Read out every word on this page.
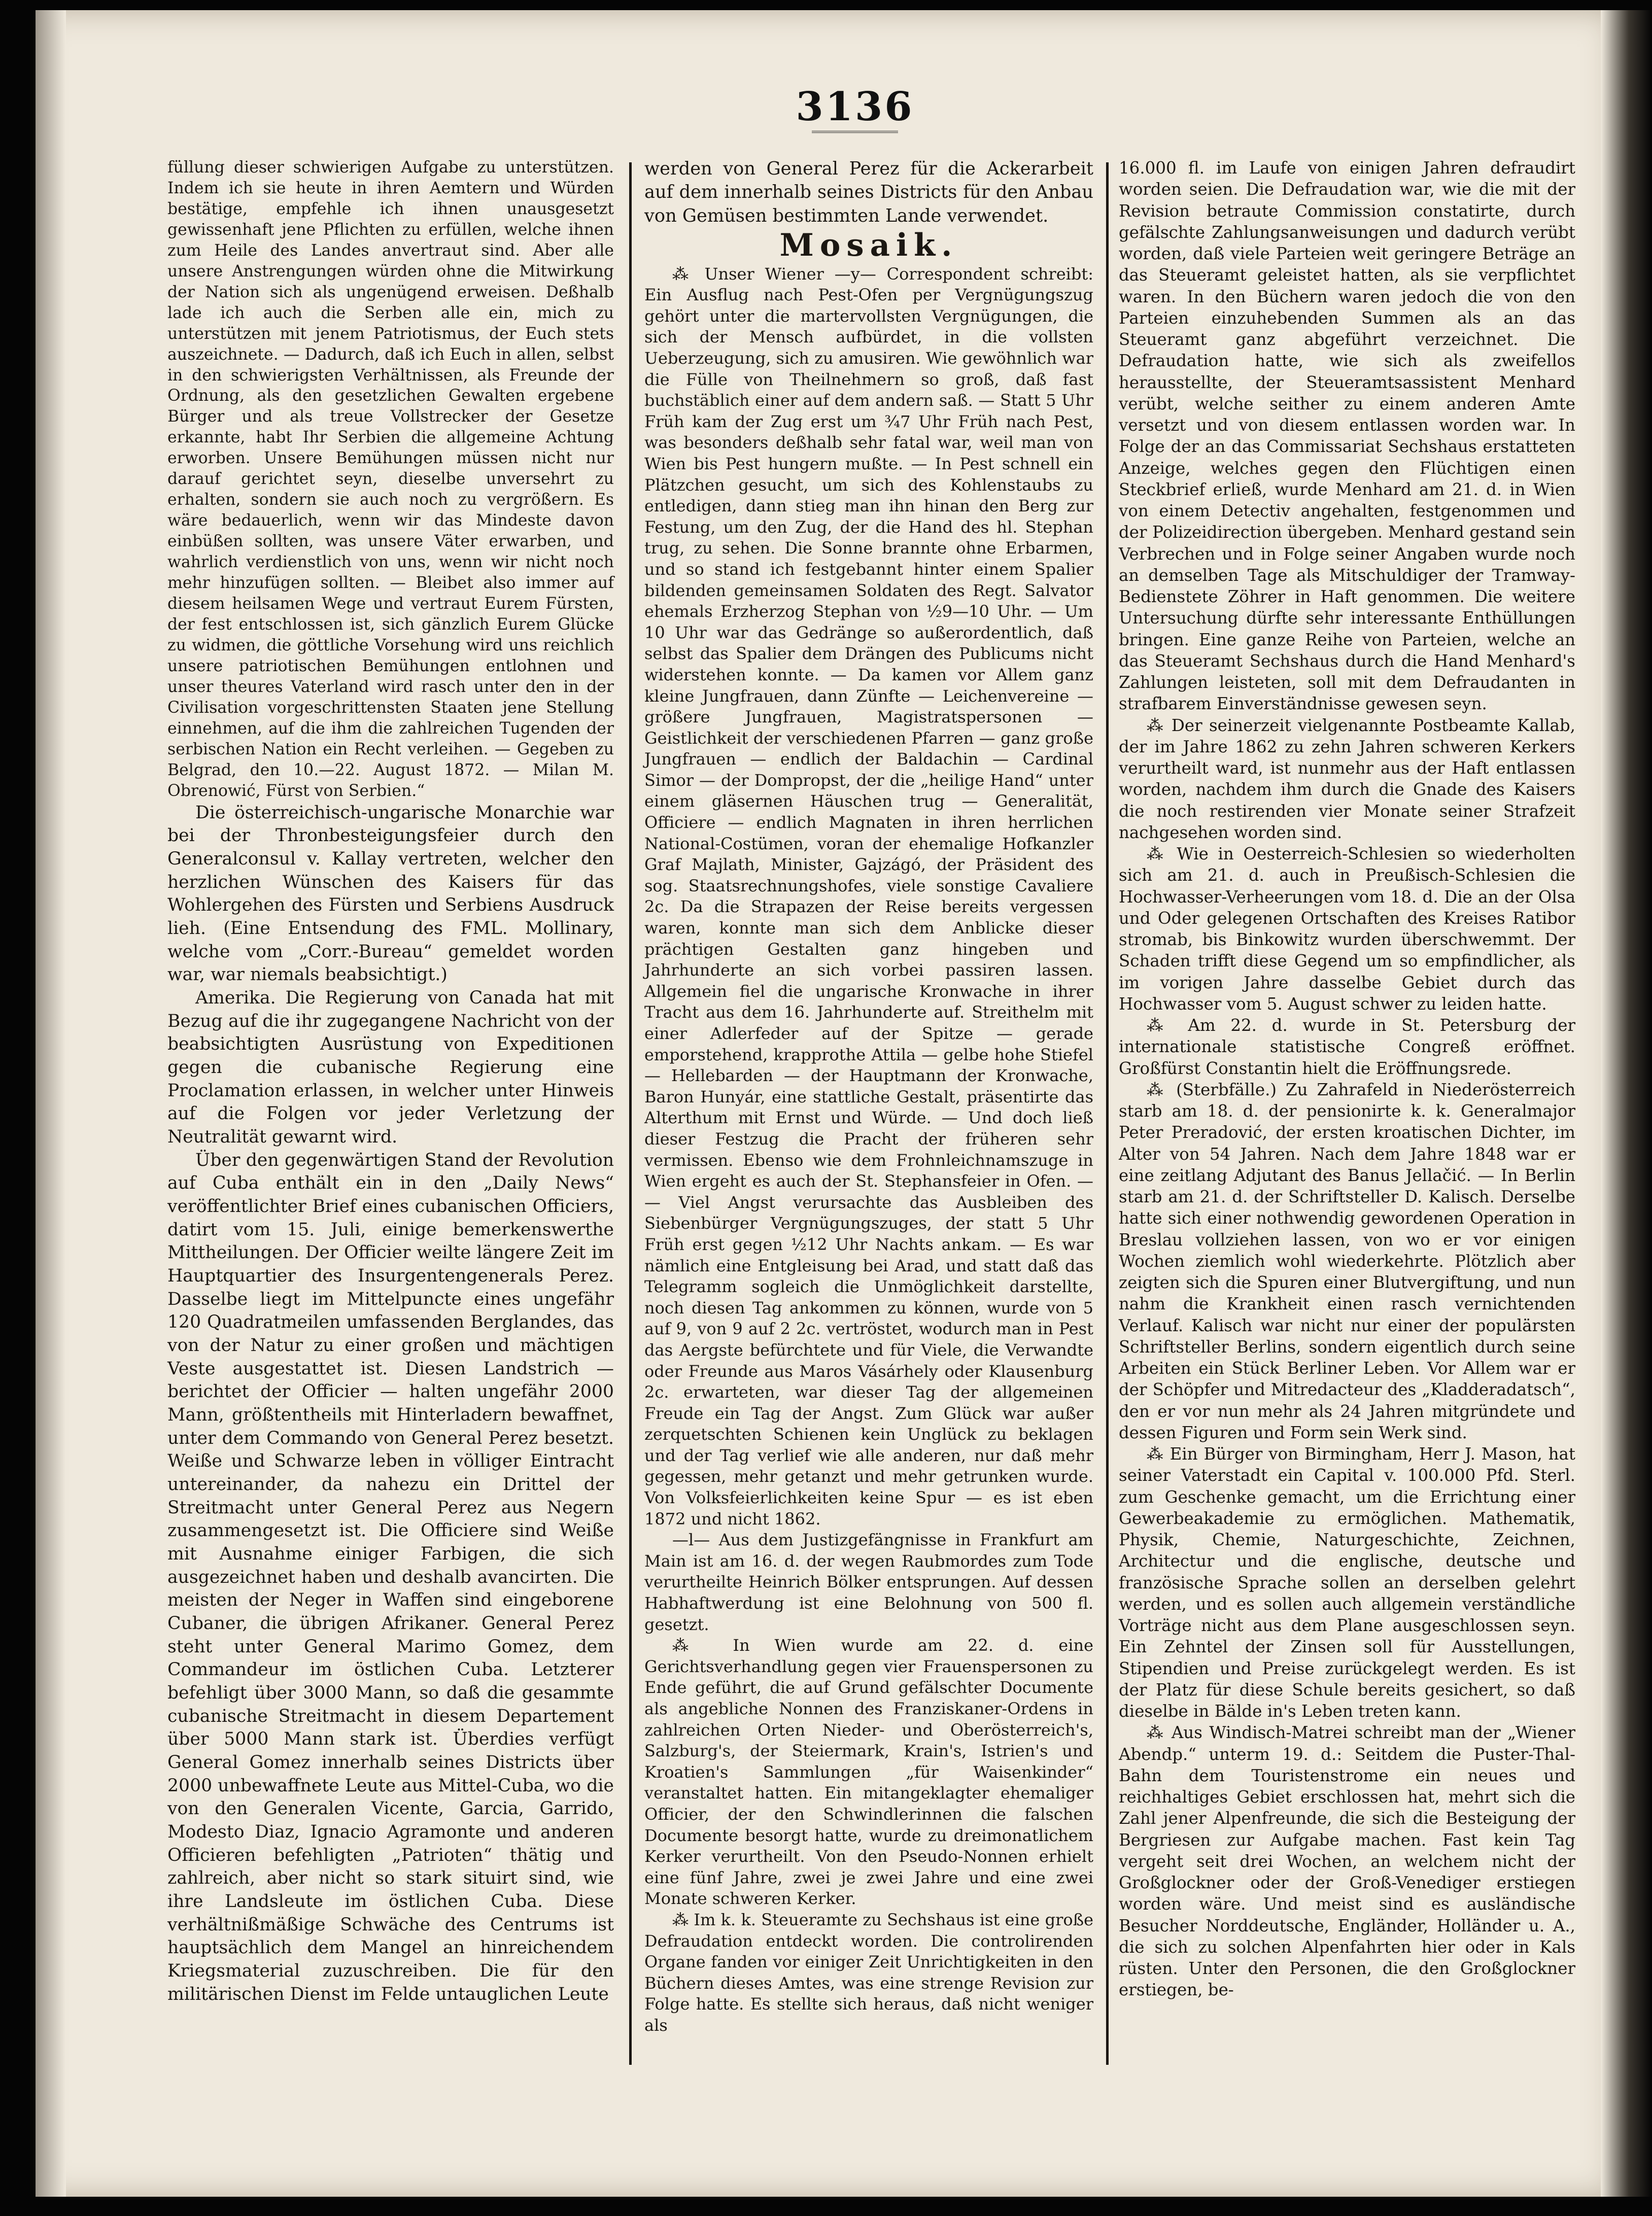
3136

füllung dieser schwierigen Aufgabe zu unterstützen. Indem ich sie heute in ihren Aemtern und Würden bestätige, empfehle ich ihnen unausgesetzt gewissenhaft jene Pflichten zu erfüllen, welche ihnen zum Heile des Landes anvertraut sind. Aber alle unsere Anstrengungen würden ohne die Mitwirkung der Nation sich als ungenügend erweisen. Deßhalb lade ich auch die Serben alle ein, mich zu unterstützen mit jenem Patriotismus, der Euch stets auszeichnete. — Dadurch, daß ich Euch in allen, selbst in den schwierigsten Verhältnissen, als Freunde der Ordnung, als den gesetzlichen Gewalten ergebene Bürger und als treue Vollstrecker der Gesetze erkannte, habt Ihr Serbien die allgemeine Achtung erworben. Unsere Bemühungen müssen nicht nur darauf gerichtet seyn, dieselbe unversehrt zu erhalten, sondern sie auch noch zu vergrößern. Es wäre bedauerlich, wenn wir das Mindeste davon einbüßen sollten, was unsere Väter erwarben, und wahrlich verdienstlich von uns, wenn wir nicht noch mehr hinzufügen sollten. — Bleibet also immer auf diesem heilsamen Wege und vertraut Eurem Fürsten, der fest entschlossen ist, sich gänzlich Eurem Glücke zu widmen, die göttliche Vorsehung wird uns reichlich unsere patriotischen Bemühungen entlohnen und unser theures Vaterland wird rasch unter den in der Civilisation vorgeschrittensten Staaten jene Stellung einnehmen, auf die ihm die zahlreichen Tugenden der serbischen Nation ein Recht verleihen. — Gegeben zu Belgrad, den 10.—22. August 1872. — Milan M. Obrenowić, Fürst von Serbien.“

Die österreichisch-ungarische Monarchie war bei der Thronbesteigungsfeier durch den Generalconsul v. Kallay vertreten, welcher den herzlichen Wünschen des Kaisers für das Wohlergehen des Fürsten und Serbiens Ausdruck lieh. (Eine Entsendung des FML. Mollinary, welche vom „Corr.-Bureau“ gemeldet worden war, war niemals beabsichtigt.)

Amerika. Die Regierung von Canada hat mit Bezug auf die ihr zugegangene Nachricht von der beabsichtigten Ausrüstung von Expeditionen gegen die cubanische Regierung eine Proclamation erlassen, in welcher unter Hinweis auf die Folgen vor jeder Verletzung der Neutralität gewarnt wird.

Über den gegenwärtigen Stand der Revolution auf Cuba enthält ein in den „Daily News“ veröffentlichter Brief eines cubanischen Officiers, datirt vom 15. Juli, einige bemerkenswerthe Mittheilungen. Der Officier weilte längere Zeit im Hauptquartier des Insurgentengenerals Perez. Dasselbe liegt im Mittelpuncte eines ungefähr 120 Quadratmeilen umfassenden Berglandes, das von der Natur zu einer großen und mächtigen Veste ausgestattet ist. Diesen Landstrich — berichtet der Officier — halten ungefähr 2000 Mann, größtentheils mit Hinterladern bewaffnet, unter dem Commando von General Perez besetzt. Weiße und Schwarze leben in völliger Eintracht untereinander, da nahezu ein Drittel der Streitmacht unter General Perez aus Negern zusammengesetzt ist. Die Officiere sind Weiße mit Ausnahme einiger Farbigen, die sich ausgezeichnet haben und deshalb avancirten. Die meisten der Neger in Waffen sind eingeborene Cubaner, die übrigen Afrikaner. General Perez steht unter General Marimo Gomez, dem Commandeur im östlichen Cuba. Letzterer befehligt über 3000 Mann, so daß die gesammte cubanische Streitmacht in diesem Departement über 5000 Mann stark ist. Überdies verfügt General Gomez innerhalb seines Districts über 2000 unbewaffnete Leute aus Mittel-Cuba, wo die von den Generalen Vicente, Garcia, Garrido, Modesto Diaz, Ignacio Agramonte und anderen Officieren befehligten „Patrioten“ thätig und zahlreich, aber nicht so stark situirt sind, wie ihre Landsleute im östlichen Cuba. Diese verhältnißmäßige Schwäche des Centrums ist hauptsächlich dem Mangel an hinreichendem Kriegsmaterial zuzuschreiben. Die für den militärischen Dienst im Felde untauglichen Leute

werden von General Perez für die Ackerarbeit auf dem innerhalb seines Districts für den Anbau von Gemüsen bestimmten Lande verwendet.

Mosaik.

⁂ Unser Wiener —y— Correspondent schreibt: Ein Ausflug nach Pest-Ofen per Vergnügungszug gehört unter die martervollsten Vergnügungen, die sich der Mensch aufbürdet, in die vollsten Ueberzeugung, sich zu amusiren. Wie gewöhnlich war die Fülle von Theilnehmern so groß, daß fast buchstäblich einer auf dem andern saß. — Statt 5 Uhr Früh kam der Zug erst um ¾7 Uhr Früh nach Pest, was besonders deßhalb sehr fatal war, weil man von Wien bis Pest hungern mußte. — In Pest schnell ein Plätzchen gesucht, um sich des Kohlenstaubs zu entledigen, dann stieg man ihn hinan den Berg zur Festung, um den Zug, der die Hand des hl. Stephan trug, zu sehen. Die Sonne brannte ohne Erbarmen, und so stand ich festgebannt hinter einem Spalier bildenden gemeinsamen Soldaten des Regt. Salvator ehemals Erzherzog Stephan von ½9—10 Uhr. — Um 10 Uhr war das Gedränge so außerordentlich, daß selbst das Spalier dem Drängen des Publicums nicht widerstehen konnte. — Da kamen vor Allem ganz kleine Jungfrauen, dann Zünfte — Leichenvereine — größere Jungfrauen, Magistratspersonen — Geistlichkeit der verschiedenen Pfarren — ganz große Jungfrauen — endlich der Baldachin — Cardinal Simor — der Dompropst, der die „heilige Hand“ unter einem gläsernen Häuschen trug — Generalität, Officiere — endlich Magnaten in ihren herrlichen National-Costümen, voran der ehemalige Hofkanzler Graf Majlath, Minister, Gajzágó, der Präsident des sog. Staatsrechnungshofes, viele sonstige Cavaliere 2c. Da die Strapazen der Reise bereits vergessen waren, konnte man sich dem Anblicke dieser prächtigen Gestalten ganz hingeben und Jahrhunderte an sich vorbei passiren lassen. Allgemein fiel die ungarische Kronwache in ihrer Tracht aus dem 16. Jahrhunderte auf. Streithelm mit einer Adlerfeder auf der Spitze — gerade emporstehend, krapprothe Attila — gelbe hohe Stiefel — Hellebarden — der Hauptmann der Kronwache, Baron Hunyár, eine stattliche Gestalt, präsentirte das Alterthum mit Ernst und Würde. — Und doch ließ dieser Festzug die Pracht der früheren sehr vermissen. Ebenso wie dem Frohnleichnamszuge in Wien ergeht es auch der St. Stephansfeier in Ofen. — — Viel Angst verursachte das Ausbleiben des Siebenbürger Vergnügungszuges, der statt 5 Uhr Früh erst gegen ½12 Uhr Nachts ankam. — Es war nämlich eine Entgleisung bei Arad, und statt daß das Telegramm sogleich die Unmöglichkeit darstellte, noch diesen Tag ankommen zu können, wurde von 5 auf 9, von 9 auf 2 2c. vertröstet, wodurch man in Pest das Aergste befürchtete und für Viele, die Verwandte oder Freunde aus Maros Vásárhely oder Klausenburg 2c. erwarteten, war dieser Tag der allgemeinen Freude ein Tag der Angst. Zum Glück war außer zerquetschten Schienen kein Unglück zu beklagen und der Tag verlief wie alle anderen, nur daß mehr gegessen, mehr getanzt und mehr getrunken wurde. Von Volksfeierlichkeiten keine Spur — es ist eben 1872 und nicht 1862.

—l— Aus dem Justizgefängnisse in Frankfurt am Main ist am 16. d. der wegen Raubmordes zum Tode verurtheilte Heinrich Bölker entsprungen. Auf dessen Habhaftwerdung ist eine Belohnung von 500 fl. gesetzt.

⁂ In Wien wurde am 22. d. eine Gerichtsverhandlung gegen vier Frauenspersonen zu Ende geführt, die auf Grund gefälschter Documente als angebliche Nonnen des Franziskaner-Ordens in zahlreichen Orten Nieder- und Oberösterreich's, Salzburg's, der Steiermark, Krain's, Istrien's und Kroatien's Sammlungen „für Waisenkinder“ veranstaltet hatten. Ein mitangeklagter ehemaliger Officier, der den Schwindlerinnen die falschen Documente besorgt hatte, wurde zu dreimonatlichem Kerker verurtheilt. Von den Pseudo-Nonnen erhielt eine fünf Jahre, zwei je zwei Jahre und eine zwei Monate schweren Kerker.

⁂ Im k. k. Steueramte zu Sechshaus ist eine große Defraudation entdeckt worden. Die controlirenden Organe fanden vor einiger Zeit Unrichtigkeiten in den Büchern dieses Amtes, was eine strenge Revision zur Folge hatte. Es stellte sich heraus, daß nicht weniger als

16.000 fl. im Laufe von einigen Jahren defraudirt worden seien. Die Defraudation war, wie die mit der Revision betraute Commission constatirte, durch gefälschte Zahlungsanweisungen und dadurch verübt worden, daß viele Parteien weit geringere Beträge an das Steueramt geleistet hatten, als sie verpflichtet waren. In den Büchern waren jedoch die von den Parteien einzuhebenden Summen als an das Steueramt ganz abgeführt verzeichnet. Die Defraudation hatte, wie sich als zweifellos herausstellte, der Steueramtsassistent Menhard verübt, welche seither zu einem anderen Amte versetzt und von diesem entlassen worden war. In Folge der an das Commissariat Sechshaus erstatteten Anzeige, welches gegen den Flüchtigen einen Steckbrief erließ, wurde Menhard am 21. d. in Wien von einem Detectiv angehalten, festgenommen und der Polizeidirection übergeben. Menhard gestand sein Verbrechen und in Folge seiner Angaben wurde noch an demselben Tage als Mitschuldiger der Tramway-Bedienstete Zöhrer in Haft genommen. Die weitere Untersuchung dürfte sehr interessante Enthüllungen bringen. Eine ganze Reihe von Parteien, welche an das Steueramt Sechshaus durch die Hand Menhard's Zahlungen leisteten, soll mit dem Defraudanten in strafbarem Einverständnisse gewesen seyn.

⁂ Der seinerzeit vielgenannte Postbeamte Kallab, der im Jahre 1862 zu zehn Jahren schweren Kerkers verurtheilt ward, ist nunmehr aus der Haft entlassen worden, nachdem ihm durch die Gnade des Kaisers die noch restirenden vier Monate seiner Strafzeit nachgesehen worden sind.

⁂ Wie in Oesterreich-Schlesien so wiederholten sich am 21. d. auch in Preußisch-Schlesien die Hochwasser-Verheerungen vom 18. d. Die an der Olsa und Oder gelegenen Ortschaften des Kreises Ratibor stromab, bis Binkowitz wurden überschwemmt. Der Schaden trifft diese Gegend um so empfindlicher, als im vorigen Jahre dasselbe Gebiet durch das Hochwasser vom 5. August schwer zu leiden hatte.

⁂ Am 22. d. wurde in St. Petersburg der internationale statistische Congreß eröffnet. Großfürst Constantin hielt die Eröffnungsrede.

⁂ (Sterbfälle.) Zu Zahrafeld in Niederösterreich starb am 18. d. der pensionirte k. k. Generalmajor Peter Preradović, der ersten kroatischen Dichter, im Alter von 54 Jahren. Nach dem Jahre 1848 war er eine zeitlang Adjutant des Banus Jellačić. — In Berlin starb am 21. d. der Schriftsteller D. Kalisch. Derselbe hatte sich einer nothwendig gewordenen Operation in Breslau vollziehen lassen, von wo er vor einigen Wochen ziemlich wohl wiederkehrte. Plötzlich aber zeigten sich die Spuren einer Blutvergiftung, und nun nahm die Krankheit einen rasch vernichtenden Verlauf. Kalisch war nicht nur einer der populärsten Schriftsteller Berlins, sondern eigentlich durch seine Arbeiten ein Stück Berliner Leben. Vor Allem war er der Schöpfer und Mitredacteur des „Kladderadatsch“, den er vor nun mehr als 24 Jahren mitgründete und dessen Figuren und Form sein Werk sind.

⁂ Ein Bürger von Birmingham, Herr J. Mason, hat seiner Vaterstadt ein Capital v. 100.000 Pfd. Sterl. zum Geschenke gemacht, um die Errichtung einer Gewerbeakademie zu ermöglichen. Mathematik, Physik, Chemie, Naturgeschichte, Zeichnen, Architectur und die englische, deutsche und französische Sprache sollen an derselben gelehrt werden, und es sollen auch allgemein verständliche Vorträge nicht aus dem Plane ausgeschlossen seyn. Ein Zehntel der Zinsen soll für Ausstellungen, Stipendien und Preise zurückgelegt werden. Es ist der Platz für diese Schule bereits gesichert, so daß dieselbe in Bälde in's Leben treten kann.

⁂ Aus Windisch-Matrei schreibt man der „Wiener Abendp.“ unterm 19. d.: Seitdem die Puster-Thal-Bahn dem Touristenstrome ein neues und reichhaltiges Gebiet erschlossen hat, mehrt sich die Zahl jener Alpenfreunde, die sich die Besteigung der Bergriesen zur Aufgabe machen. Fast kein Tag vergeht seit drei Wochen, an welchem nicht der Großglockner oder der Groß-Venediger erstiegen worden wäre. Und meist sind es ausländische Besucher Norddeutsche, Engländer, Holländer u. A., die sich zu solchen Alpenfahrten hier oder in Kals rüsten. Unter den Personen, die den Großglockner erstiegen, be-
